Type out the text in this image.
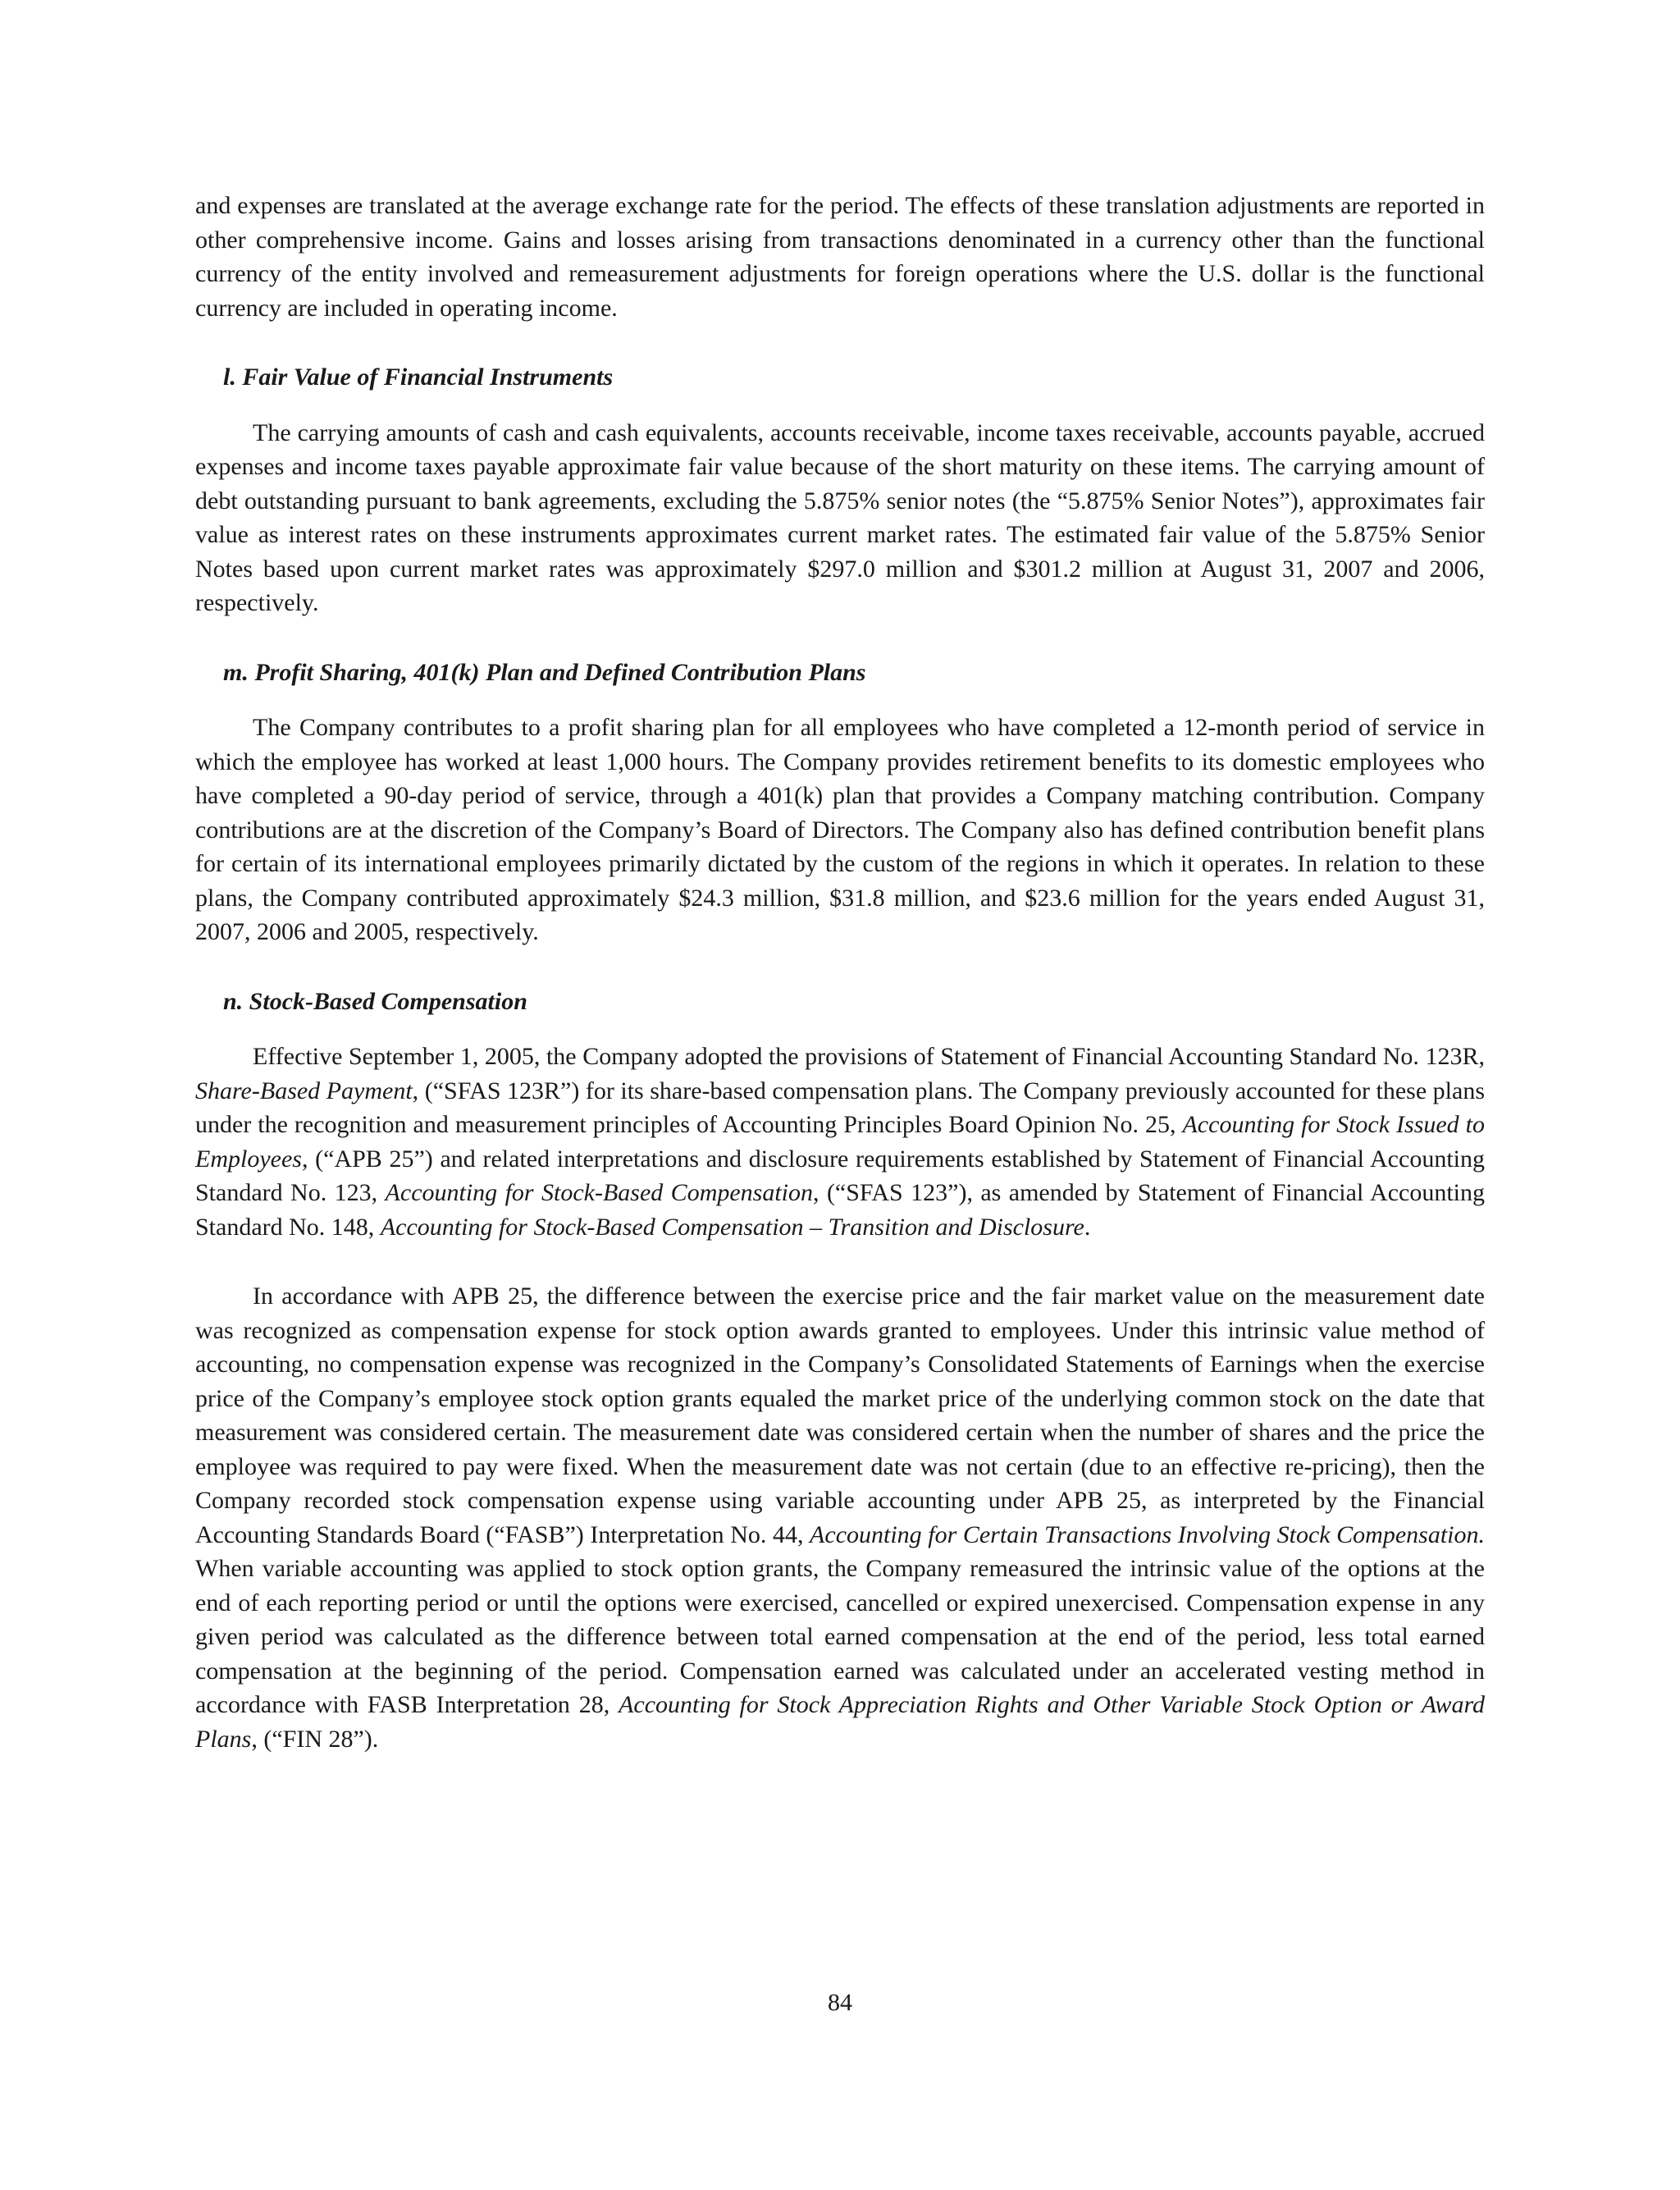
and expenses are translated at the average exchange rate for the period. The effects of these translation adjustments are reported in other comprehensive income. Gains and losses arising from transactions denominated in a currency other than the functional currency of the entity involved and remeasurement adjustments for foreign operations where the U.S. dollar is the functional currency are included in operating income.

l. Fair Value of Financial Instruments

The carrying amounts of cash and cash equivalents, accounts receivable, income taxes receivable, accounts payable, accrued expenses and income taxes payable approximate fair value because of the short maturity on these items. The carrying amount of debt outstanding pursuant to bank agreements, excluding the 5.875% senior notes (the “5.875% Senior Notes”), approximates fair value as interest rates on these instruments approximates current market rates. The estimated fair value of the 5.875% Senior Notes based upon current market rates was approximately $297.0 million and $301.2 million at August 31, 2007 and 2006, respectively.

m. Profit Sharing, 401(k) Plan and Defined Contribution Plans

The Company contributes to a profit sharing plan for all employees who have completed a 12-month period of service in which the employee has worked at least 1,000 hours. The Company provides retirement benefits to its domestic employees who have completed a 90-day period of service, through a 401(k) plan that provides a Company matching contribution. Company contributions are at the discretion of the Company’s Board of Directors. The Company also has defined contribution benefit plans for certain of its international employees primarily dictated by the custom of the regions in which it operates. In relation to these plans, the Company contributed approximately $24.3 million, $31.8 million, and $23.6 million for the years ended August 31, 2007, 2006 and 2005, respectively.

n. Stock-Based Compensation

Effective September 1, 2005, the Company adopted the provisions of Statement of Financial Accounting Standard No. 123R, Share-Based Payment, (“SFAS 123R”) for its share-based compensation plans. The Company previously accounted for these plans under the recognition and measurement principles of Accounting Principles Board Opinion No. 25, Accounting for Stock Issued to Employees, (“APB 25”) and related interpretations and disclosure requirements established by Statement of Financial Accounting Standard No. 123, Accounting for Stock-Based Compensation, (“SFAS 123”), as amended by Statement of Financial Accounting Standard No. 148, Accounting for Stock-Based Compensation – Transition and Disclosure.

In accordance with APB 25, the difference between the exercise price and the fair market value on the measurement date was recognized as compensation expense for stock option awards granted to employees. Under this intrinsic value method of accounting, no compensation expense was recognized in the Company’s Consolidated Statements of Earnings when the exercise price of the Company’s employee stock option grants equaled the market price of the underlying common stock on the date that measurement was considered certain. The measurement date was considered certain when the number of shares and the price the employee was required to pay were fixed. When the measurement date was not certain (due to an effective re-pricing), then the Company recorded stock compensation expense using variable accounting under APB 25, as interpreted by the Financial Accounting Standards Board (“FASB”) Interpretation No. 44, Accounting for Certain Transactions Involving Stock Compensation. When variable accounting was applied to stock option grants, the Company remeasured the intrinsic value of the options at the end of each reporting period or until the options were exercised, cancelled or expired unexercised. Compensation expense in any given period was calculated as the difference between total earned compensation at the end of the period, less total earned compensation at the beginning of the period. Compensation earned was calculated under an accelerated vesting method in accordance with FASB Interpretation 28, Accounting for Stock Appreciation Rights and Other Variable Stock Option or Award Plans, (“FIN 28”).

84
